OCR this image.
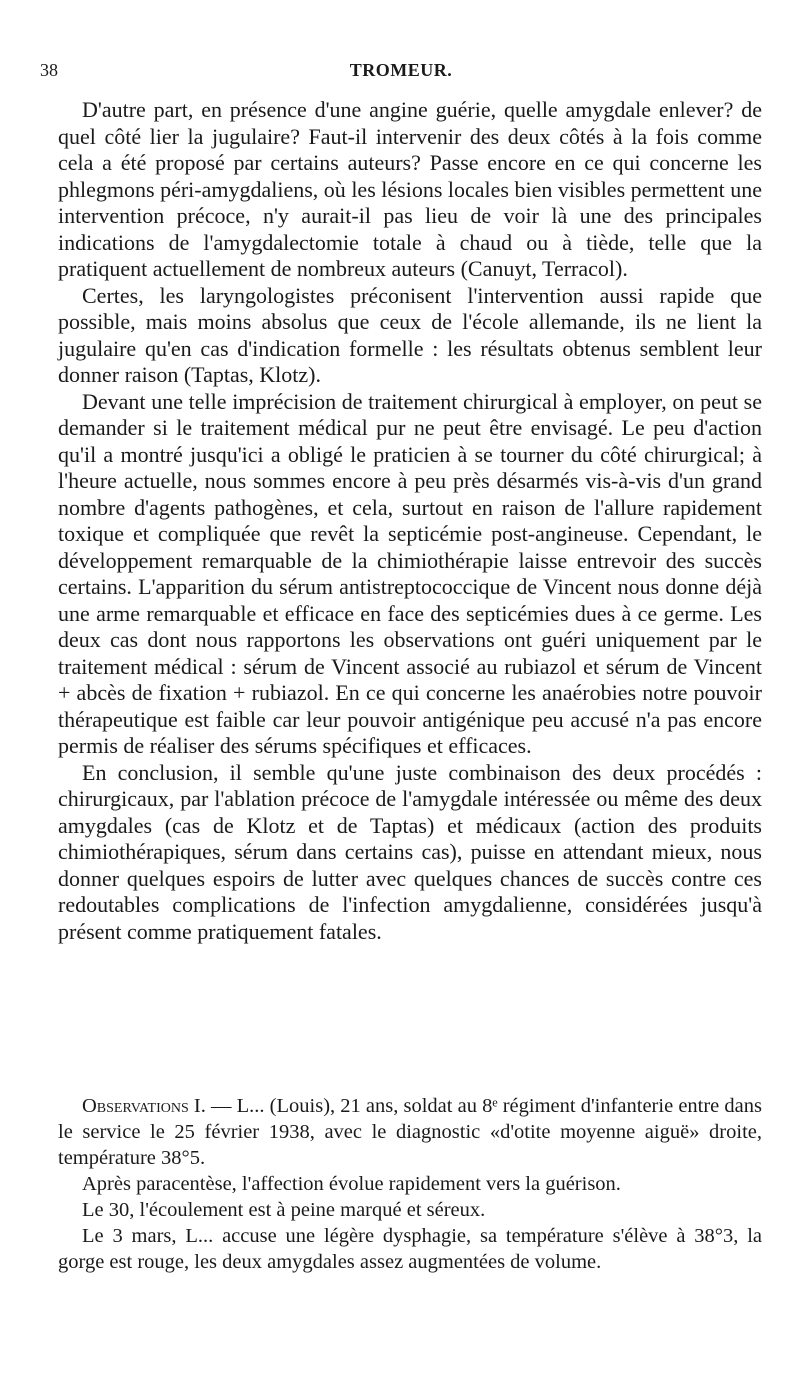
38	TROMEUR.

D'autre part, en présence d'une angine guérie, quelle amygdale enlever? de quel côté lier la jugulaire? Faut-il intervenir des deux côtés à la fois comme cela a été proposé par certains auteurs? Passe encore en ce qui concerne les phlegmons péri-amygdaliens, où les lésions locales bien visibles permettent une intervention précoce, n'y aurait-il pas lieu de voir là une des principales indications de l'amygdalectomie totale à chaud ou à tiède, telle que la pratiquent actuellement de nombreux auteurs (Canuyt, Terracol).

Certes, les laryngologistes préconisent l'intervention aussi rapide que possible, mais moins absolus que ceux de l'école allemande, ils ne lient la jugulaire qu'en cas d'indication formelle : les résultats obtenus semblent leur donner raison (Taptas, Klotz).

Devant une telle imprécision de traitement chirurgical à employer, on peut se demander si le traitement médical pur ne peut être envisagé. Le peu d'action qu'il a montré jusqu'ici a obligé le praticien à se tourner du côté chirurgical; à l'heure actuelle, nous sommes encore à peu près désarmés vis-à-vis d'un grand nombre d'agents pathogènes, et cela, surtout en raison de l'allure rapidement toxique et compliquée que revêt la septicémie post-angineuse. Cependant, le développement remarquable de la chimiothérapie laisse entrevoir des succès certains. L'apparition du sérum antistreptococcique de Vincent nous donne déjà une arme remarquable et efficace en face des septicémies dues à ce germe. Les deux cas dont nous rapportons les observations ont guéri uniquement par le traitement médical : sérum de Vincent associé au rubiazol et sérum de Vincent + abcès de fixation + rubiazol. En ce qui concerne les anaérobies notre pouvoir thérapeutique est faible car leur pouvoir antigénique peu accusé n'a pas encore permis de réaliser des sérums spécifiques et efficaces.

En conclusion, il semble qu'une juste combinaison des deux procédés : chirurgicaux, par l'ablation précoce de l'amygdale intéressée ou même des deux amygdales (cas de Klotz et de Taptas) et médicaux (action des produits chimiothérapiques, sérum dans certains cas), puisse en attendant mieux, nous donner quelques espoirs de lutter avec quelques chances de succès contre ces redoutables complications de l'infection amygdalienne, considérées jusqu'à présent comme pratiquement fatales.

Observations I. — L... (Louis), 21 ans, soldat au 8ᵉ régiment d'infanterie entre dans le service le 25 février 1938, avec le diagnostic «d'otite moyenne aiguë» droite, température 38°5.

Après paracentèse, l'affection évolue rapidement vers la guérison.

Le 30, l'écoulement est à peine marqué et séreux.

Le 3 mars, L... accuse une légère dysphagie, sa température s'élève à 38°3, la gorge est rouge, les deux amygdales assez augmentées de volume.
